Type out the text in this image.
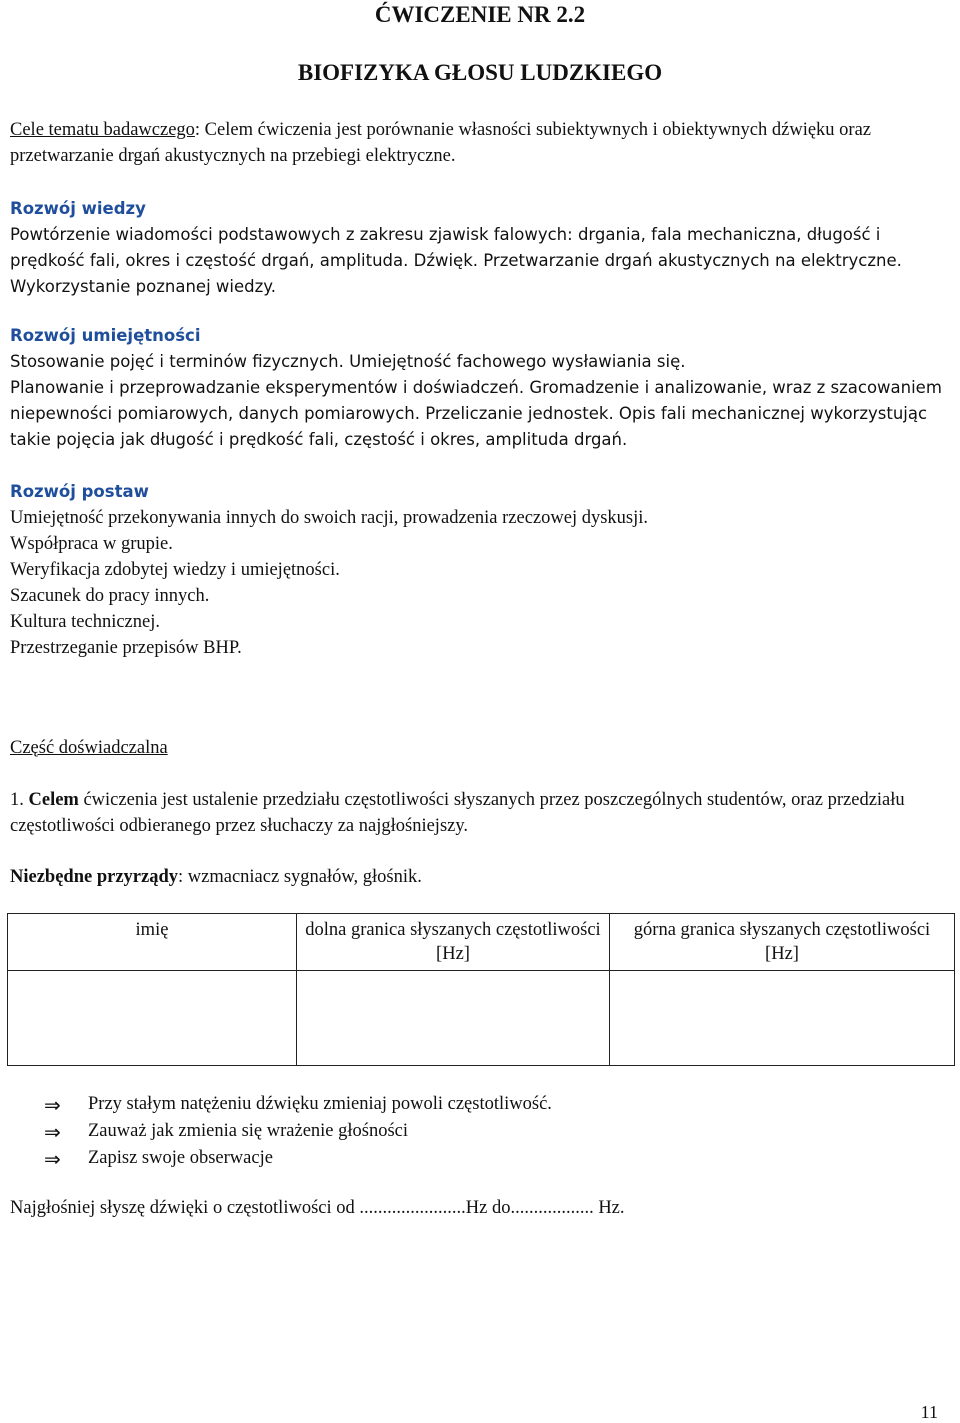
ĆWICZENIE NR 2.2
BIOFIZYKA GŁOSU LUDZKIEGO
Cele tematu badawczego: Celem ćwiczenia jest porównanie własności subiektywnych i obiektywnych dźwięku oraz przetwarzanie drgań akustycznych na przebiegi elektryczne.
Rozwój wiedzy
Powtórzenie wiadomości podstawowych z zakresu zjawisk falowych: drgania, fala mechaniczna, długość i prędkość fali, okres i częstość drgań, amplituda. Dźwięk. Przetwarzanie drgań akustycznych na elektryczne. Wykorzystanie poznanej wiedzy.
Rozwój umiejętności
Stosowanie pojęć i terminów fizycznych. Umiejętność fachowego wysławiania się.
Planowanie i przeprowadzanie eksperymentów i doświadczeń. Gromadzenie i analizowanie, wraz z szacowaniem niepewności pomiarowych, danych pomiarowych. Przeliczanie jednostek. Opis fali mechanicznej wykorzystując takie pojęcia jak długość i prędkość fali, częstość i okres, amplituda drgań.
Rozwój postaw
Umiejętność przekonywania innych do swoich racji, prowadzenia rzeczowej dyskusji.
Współpraca w grupie.
Weryfikacja zdobytej wiedzy i umiejętności.
Szacunek do pracy innych.
Kultura technicznej.
Przestrzeganie przepisów BHP.
Część doświadczalna
1. Celem ćwiczenia jest ustalenie przedziału częstotliwości słyszanych przez poszczególnych studentów, oraz przedziału częstotliwości odbieranego przez słuchaczy za najgłośniejszy.
Niezbędne przyrządy: wzmacniacz sygnałów, głośnik.
imię	dolna granica słyszanych częstotliwości [Hz]	górna granica słyszanych częstotliwości [Hz]

⇒	Przy stałym natężeniu dźwięku zmieniaj powoli częstotliwość.
⇒	Zauważ jak zmienia się wrażenie głośności
⇒	Zapisz swoje obserwacje
Najgłośniej słyszę dźwięki o częstotliwości od .......................Hz do.................. Hz.
11
